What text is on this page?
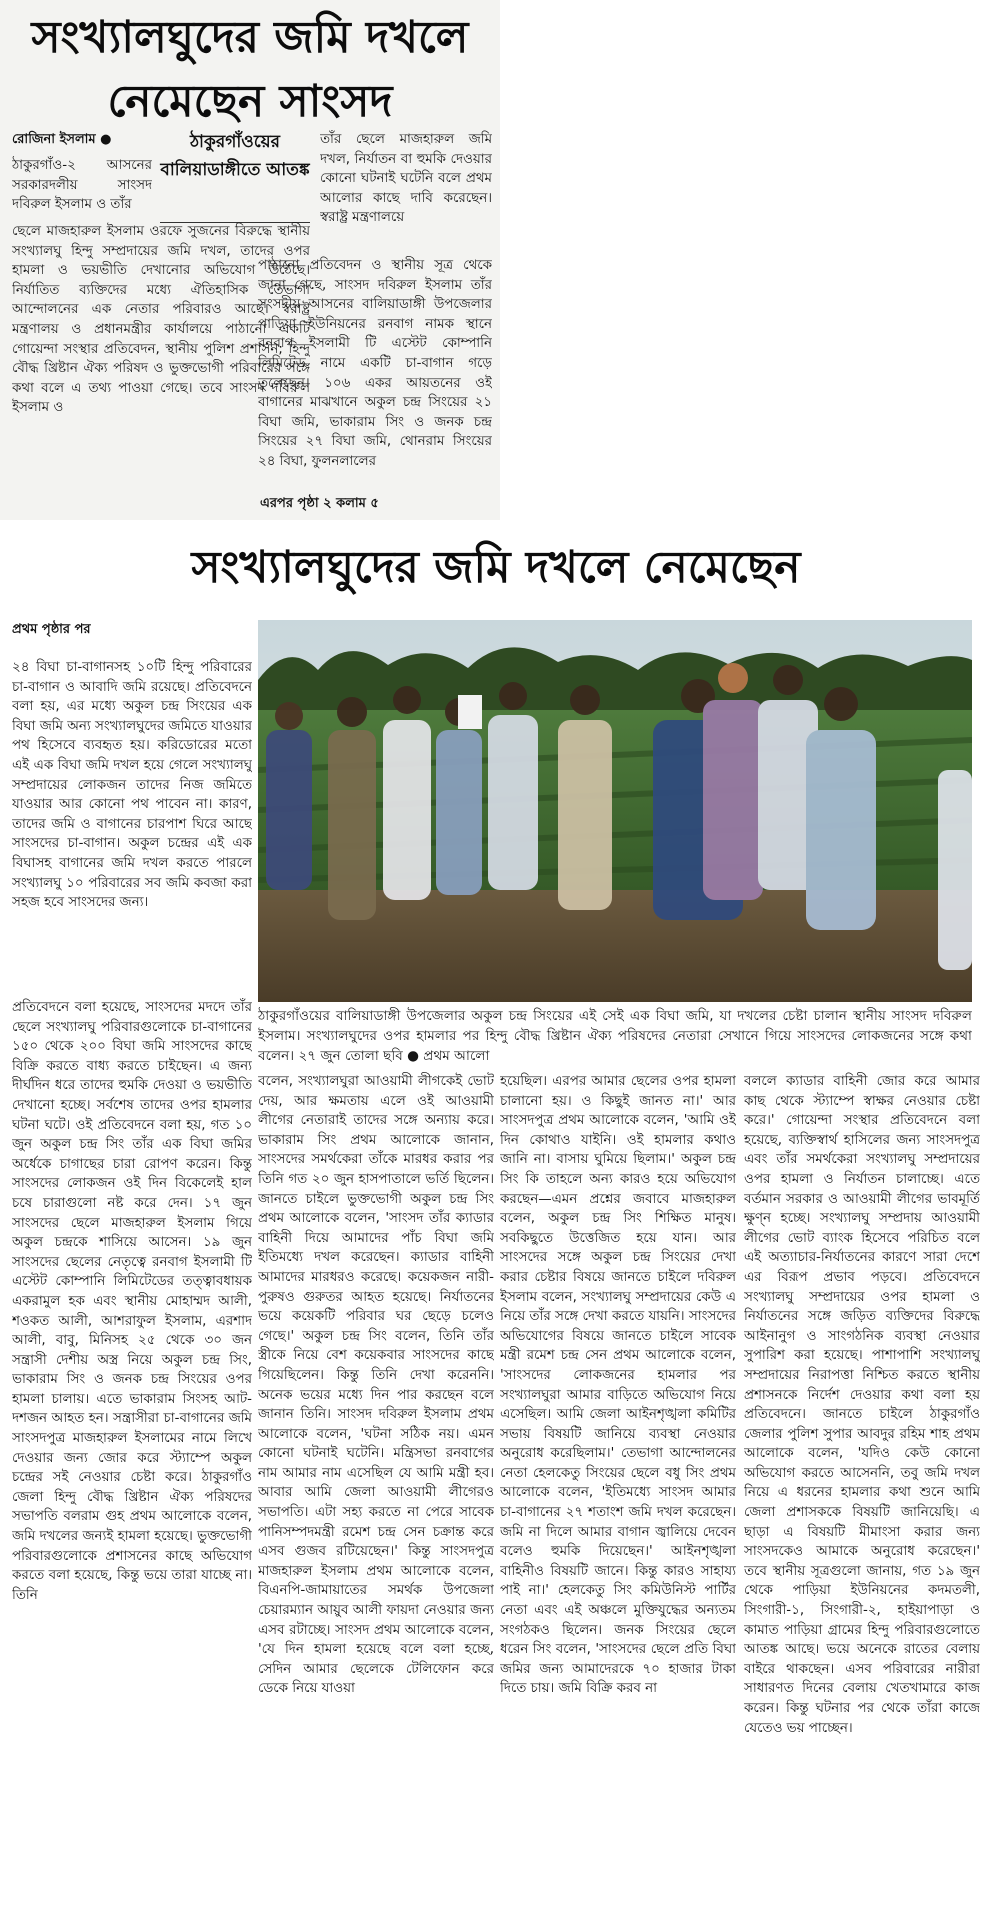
সংখ্যালঘুদের জমি দখলে
নেমেছেন সাংসদ
রোজিনা ইসলাম ●	ঠাকুরগাঁওয়ের বালিয়াডাঙ্গীতে আতঙ্ক
ঠাকুরগাঁও-২ আসনের সরকারদলীয় সাংসদ দবিরুল ইসলাম ও তাঁর
ছেলে মাজহারুল ইসলাম ওরফে সুজনের বিরুদ্ধে স্থানীয় সংখ্যালঘু হিন্দু সম্প্রদায়ের জমি দখল, তাদের ওপর হামলা ও ভয়ভীতি দেখানোর অভিযোগ উঠেছে। নির্যাতিত ব্যক্তিদের মধ্যে ঐতিহাসিক তেভাগা আন্দোলনের এক নেতার পরিবারও আছে। স্বরাষ্ট্র মন্ত্রণালয় ও প্রধানমন্ত্রীর কার্যালয়ে পাঠানো একটি গোয়েন্দা সংস্থার প্রতিবেদন, স্থানীয় পুলিশ প্রশাসন; হিন্দু বৌদ্ধ খ্রিষ্টান ঐক্য পরিষদ ও ভুক্তভোগী পরিবারের সঙ্গে কথা বলে এ তথ্য পাওয়া গেছে। তবে সাংসদ দবিরুল ইসলাম ও
তাঁর ছেলে মাজহারুল জমি দখল, নির্যাতন বা হুমকি দেওয়ার কোনো ঘটনাই ঘটেনি বলে প্রথম আলোর কাছে দাবি করেছেন। স্বরাষ্ট্র মন্ত্রণালয়ে
পাঠানো প্রতিবেদন ও স্থানীয় সূত্র থেকে জানা গেছে, সাংসদ দবিরুল ইসলাম তাঁর সংসদীয় আসনের বালিয়াডাঙ্গী উপজেলার পাড়িয়া ইউনিয়নের রনবাগ নামক স্থানে রনবাগ ইসলামী টি এস্টেট কোম্পানি লিমিটেড নামে একটি চা-বাগান গড়ে তুলেছেন। ১০৬ একর আয়তনের ওই বাগানের মাঝখানে অকুল চন্দ্র সিংয়ের ২১ বিঘা জমি, ভাকারাম সিং ও জনক চন্দ্র সিংয়ের ২৭ বিঘা জমি, থোনরাম সিংয়ের ২৪ বিঘা, ফুলনলালের
এরপর পৃষ্ঠা ২ কলাম ৫
সংখ্যালঘুদের জমি দখলে নেমেছেন
প্রথম পৃষ্ঠার পর
২৪ বিঘা চা-বাগানসহ ১০টি হিন্দু পরিবারের চা-বাগান ও আবাদি জমি রয়েছে। প্রতিবেদনে বলা হয়, এর মধ্যে অকুল চন্দ্র সিংয়ের এক বিঘা জমি অন্য সংখ্যালঘুদের জমিতে যাওয়ার পথ হিসেবে ব্যবহৃত হয়। করিডোরের মতো এই এক বিঘা জমি দখল হয়ে গেলে সংখ্যালঘু সম্প্রদায়ের লোকজন তাদের নিজ জমিতে যাওয়ার আর কোনো পথ পাবেন না। কারণ, তাদের জমি ও বাগানের চারপাশ ঘিরে আছে সাংসদের চা-বাগান। অকুল চন্দ্রের এই এক বিঘাসহ বাগানের জমি দখল করতে পারলে সংখ্যালঘু ১০ পরিবারের সব জমি কবজা করা সহজ হবে সাংসদের জন্য।
প্রতিবেদনে বলা হয়েছে, সাংসদের মদদে তাঁর ছেলে সংখ্যালঘু পরিবারগুলোকে চা-বাগানের ১৫০ থেকে ২০০ বিঘা জমি সাংসদের কাছে বিক্রি করতে বাধ্য করতে চাইছেন। এ জন্য দীর্ঘদিন ধরে তাদের হুমকি দেওয়া ও ভয়ভীতি দেখানো হচ্ছে। সর্বশেষ তাদের ওপর হামলার ঘটনা ঘটে। ওই প্রতিবেদনে বলা হয়, গত ১০ জুন অকুল চন্দ্র সিং তাঁর এক বিঘা জমির অর্ধেকে চাগাছের চারা রোপণ করেন। কিন্তু সাংসদের লোকজন ওই দিন বিকেলেই হাল চষে চারাগুলো নষ্ট করে দেন। ১৭ জুন সাংসদের ছেলে মাজহারুল ইসলাম গিয়ে অকুল চন্দ্রকে শাসিয়ে আসেন। ১৯ জুন সাংসদের ছেলের নেতৃত্বে রনবাগ ইসলামী টি এস্টেট কোম্পানি লিমিটেডের তত্ত্বাবধায়ক একরামুল হক এবং স্থানীয় মোহাম্মদ আলী, শওকত আলী, আশরাফুল ইসলাম, এরশাদ আলী, বাবু, মিনিসহ ২৫ থেকে ৩০ জন সন্ত্রাসী দেশীয় অস্ত্র নিয়ে অকুল চন্দ্র সিং, ভাকারাম সিং ও জনক চন্দ্র সিংয়ের ওপর হামলা চালায়। এতে ভাকারাম সিংসহ আট-দশজন আহত হন। সন্ত্রাসীরা চা-বাগানের জমি সাংসদপুত্র মাজহারুল ইসলামের নামে লিখে দেওয়ার জন্য জোর করে স্ট্যাম্পে অকুল চন্দ্রের সই নেওয়ার চেষ্টা করে। ঠাকুরগাঁও জেলা হিন্দু বৌদ্ধ খ্রিষ্টান ঐক্য পরিষদের সভাপতি বলরাম গুহ প্রথম আলোকে বলেন, জমি দখলের জন্যই হামলা হয়েছে। ভুক্তভোগী পরিবারগুলোকে প্রশাসনের কাছে অভিযোগ করতে বলা হয়েছে, কিন্তু ভয়ে তারা যাচ্ছে না। তিনি
ঠাকুরগাঁওয়ের বালিয়াডাঙ্গী উপজেলার অকুল চন্দ্র সিংয়ের এই সেই এক বিঘা জমি, যা দখলের চেষ্টা চালান স্থানীয় সাংসদ দবিরুল ইসলাম। সংখ্যালঘুদের ওপর হামলার পর হিন্দু বৌদ্ধ খ্রিষ্টান ঐক্য পরিষদের নেতারা সেখানে গিয়ে সাংসদের লোকজনের সঙ্গে কথা বলেন। ২৭ জুন তোলা ছবি ● প্রথম আলো
বলেন, সংখ্যালঘুরা আওয়ামী লীগকেই ভোট দেয়, আর ক্ষমতায় এলে ওই আওয়ামী লীগের নেতারাই তাদের সঙ্গে অন্যায় করে। ভাকারাম সিং প্রথম আলোকে জানান, সাংসদের সমর্থকেরা তাঁকে মারধর করার পর তিনি গত ২০ জুন হাসপাতালে ভর্তি ছিলেন। জানতে চাইলে ভুক্তভোগী অকুল চন্দ্র সিং প্রথম আলোকে বলেন, 'সাংসদ তাঁর ক্যাডার বাহিনী দিয়ে আমাদের পাঁচ বিঘা জমি ইতিমধ্যে দখল করেছেন। ক্যাডার বাহিনী আমাদের মারধরও করেছে। কয়েকজন নারী-পুরুষও গুরুতর আহত হয়েছে। নির্যাতনের ভয়ে কয়েকটি পরিবার ঘর ছেড়ে চলেও গেছে।' অকুল চন্দ্র সিং বলেন, তিনি তাঁর স্ত্রীকে নিয়ে বেশ কয়েকবার সাংসদের কাছে গিয়েছিলেন। কিন্তু তিনি দেখা করেননি। অনেক ভয়ের মধ্যে দিন পার করছেন বলে জানান তিনি। সাংসদ দবিরুল ইসলাম প্রথম আলোকে বলেন, 'ঘটনা সঠিক নয়। এমন কোনো ঘটনাই ঘটেনি। মন্ত্রিসভা রনবাগের নাম আমার নাম এসেছিল যে আমি মন্ত্রী হব। আবার আমি জেলা আওয়ামী লীগেরও সভাপতি। এটা সহ্য করতে না পেরে সাবেক পানিসম্পদমন্ত্রী রমেশ চন্দ্র সেন চক্রান্ত করে এসব গুজব রটিয়েছেন।' কিন্তু সাংসদপুত্র মাজহারুল ইসলাম প্রথম আলোকে বলেন, বিএনপি-জামায়াতের সমর্থক উপজেলা চেয়ারম্যান আয়ুব আলী ফায়দা নেওয়ার জন্য এসব রটাচ্ছে। সাংসদ প্রথম আলোকে বলেন, 'যে দিন হামলা হয়েছে বলে বলা হচ্ছে, সেদিন আমার ছেলেকে টেলিফোন করে ডেকে নিয়ে যাওয়া
হয়েছিল। এরপর আমার ছেলের ওপর হামলা চালানো হয়। ও কিছুই জানত না।' আর সাংসদপুত্র প্রথম আলোকে বলেন, 'আমি ওই দিন কোথাও যাইনি। ওই হামলার কথাও জানি না। বাসায় ঘুমিয়ে ছিলাম।' অকুল চন্দ্র সিং কি তাহলে অন্য কারও হয়ে অভিযোগ করছেন—এমন প্রশ্নের জবাবে মাজহারুল বলেন, অকুল চন্দ্র সিং শিক্ষিত মানুষ। সবকিছুতে উত্তেজিত হয়ে যান। আর সাংসদের সঙ্গে অকুল চন্দ্র সিংয়ের দেখা করার চেষ্টার বিষয়ে জানতে চাইলে দবিরুল ইসলাম বলেন, সংখ্যালঘু সম্প্রদায়ের কেউ এ নিয়ে তাঁর সঙ্গে দেখা করতে যায়নি। সাংসদের অভিযোগের বিষয়ে জানতে চাইলে সাবেক মন্ত্রী রমেশ চন্দ্র সেন প্রথম আলোকে বলেন, 'সাংসদের লোকজনের হামলার পর সংখ্যালঘুরা আমার বাড়িতে অভিযোগ নিয়ে এসেছিল। আমি জেলা আইনশৃঙ্খলা কমিটির সভায় বিষয়টি জানিয়ে ব্যবস্থা নেওয়ার অনুরোধ করেছিলাম।' তেভাগা আন্দোলনের নেতা হেলকেতু সিংয়ের ছেলে বধু সিং প্রথম আলোকে বলেন, 'ইতিমধ্যে সাংসদ আমার চা-বাগানের ২৭ শতাংশ জমি দখল করেছেন। জমি না দিলে আমার বাগান জ্বালিয়ে দেবেন বলেও হুমকি দিয়েছেন।' আইনশৃঙ্খলা বাহিনীও বিষয়টি জানে। কিন্তু কারও সাহায্য পাই না।' হেলকেতু সিং কমিউনিস্ট পার্টির নেতা এবং এই অঞ্চলে মুক্তিযুদ্ধের অন্যতম সংগঠকও ছিলেন। জনক সিংয়ের ছেলে ধরেন সিং বলেন, 'সাংসদের ছেলে প্রতি বিঘা জমির জন্য আমাদেরকে ৭০ হাজার টাকা দিতে চায়। জমি বিক্রি করব না
বললে ক্যাডার বাহিনী জোর করে আমার কাছ থেকে স্ট্যাম্পে স্বাক্ষর নেওয়ার চেষ্টা করে।' গোয়েন্দা সংস্থার প্রতিবেদনে বলা হয়েছে, ব্যক্তিস্বার্থ হাসিলের জন্য সাংসদপুত্র এবং তাঁর সমর্থকেরা সংখ্যালঘু সম্প্রদায়ের ওপর হামলা ও নির্যাতন চালাচ্ছে। এতে বর্তমান সরকার ও আওয়ামী লীগের ভাবমূর্তি ক্ষুণ্ন হচ্ছে। সংখ্যালঘু সম্প্রদায় আওয়ামী লীগের ভোট ব্যাংক হিসেবে পরিচিত বলে এই অত্যাচার-নির্যাতনের কারণে সারা দেশে এর বিরূপ প্রভাব পড়বে। প্রতিবেদনে সংখ্যালঘু সম্প্রদায়ের ওপর হামলা ও নির্যাতনের সঙ্গে জড়িত ব্যক্তিদের বিরুদ্ধে আইনানুগ ও সাংগঠনিক ব্যবস্থা নেওয়ার সুপারিশ করা হয়েছে। পাশাপাশি সংখ্যালঘু সম্প্রদায়ের নিরাপত্তা নিশ্চিত করতে স্থানীয় প্রশাসনকে নির্দেশ দেওয়ার কথা বলা হয় প্রতিবেদনে। জানতে চাইলে ঠাকুরগাঁও জেলার পুলিশ সুপার আবদুর রহিম শাহ প্রথম আলোকে বলেন, 'যদিও কেউ কোনো অভিযোগ করতে আসেননি, তবু জমি দখল নিয়ে এ ধরনের হামলার কথা শুনে আমি জেলা প্রশাসককে বিষয়টি জানিয়েছি। এ ছাড়া এ বিষয়টি মীমাংসা করার জন্য সাংসদকেও আমাকে অনুরোধ করেছেন।' তবে স্থানীয় সূত্রগুলো জানায়, গত ১৯ জুন থেকে পাড়িয়া ইউনিয়নের কদমতলী, সিংগারী-১, সিংগারী-২, হাইয়াপাড়া ও কামাত পাড়িয়া গ্রামের হিন্দু পরিবারগুলোতে আতঙ্ক আছে। ভয়ে অনেকে রাতের বেলায় বাইরে থাকছেন। এসব পরিবারের নারীরা সাধারণত দিনের বেলায় খেতখামারে কাজ করেন। কিন্তু ঘটনার পর থেকে তাঁরা কাজে যেতেও ভয় পাচ্ছেন।
